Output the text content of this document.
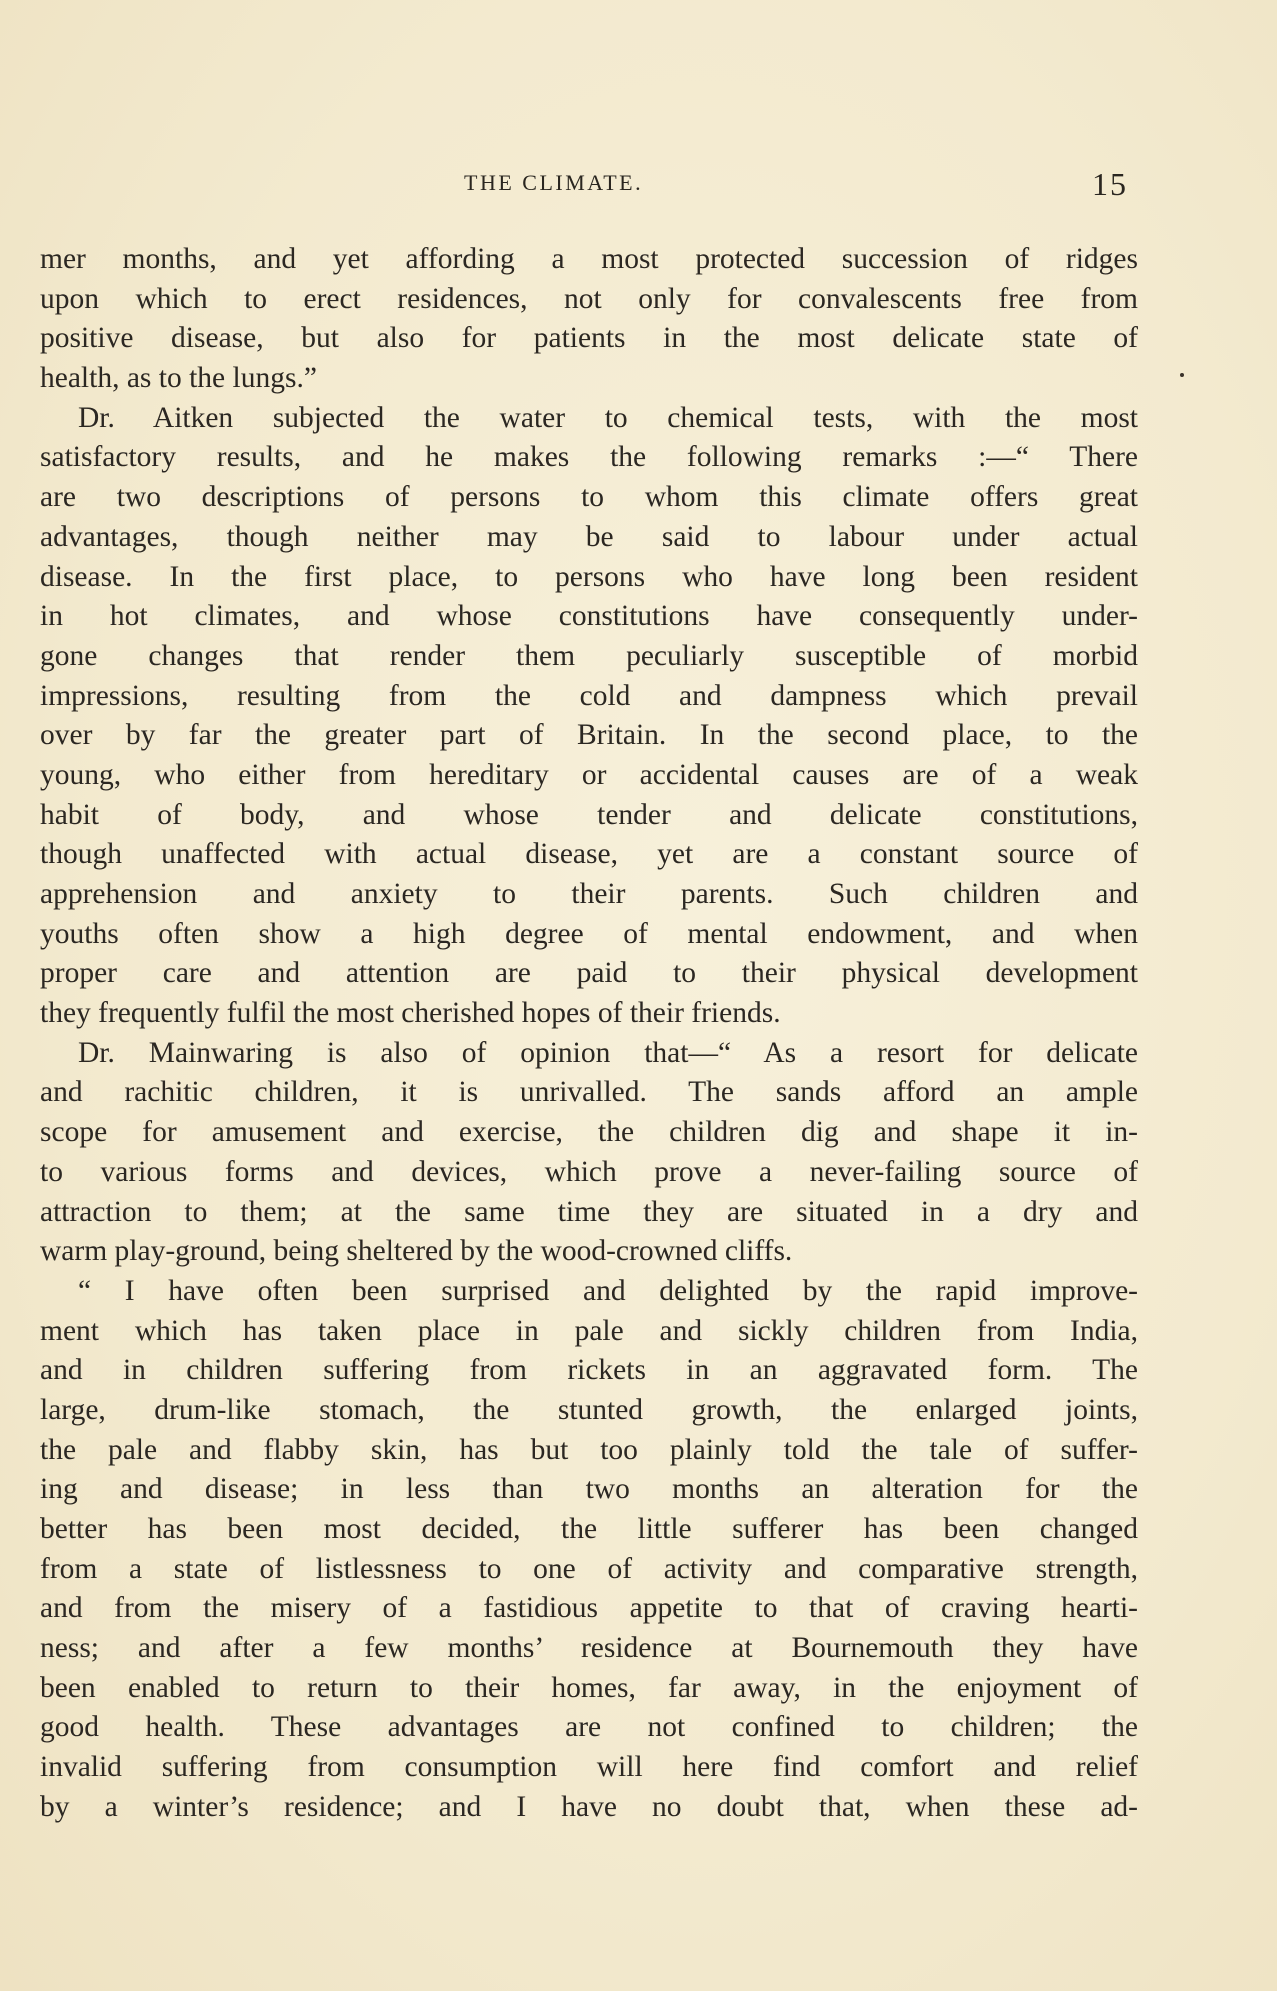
THE CLIMATE.	15
mer months, and yet affording a most protected succession of ridges
upon which to erect residences, not only for convalescents free from
positive disease, but also for patients in the most delicate state of
health, as to the lungs.”
Dr. Aitken subjected the water to chemical tests, with the most
satisfactory results, and he makes the following remarks :—“ There
are two descriptions of persons to whom this climate offers great
advantages, though neither may be said to labour under actual
disease. In the first place, to persons who have long been resident
in hot climates, and whose constitutions have consequently under-
gone changes that render them peculiarly susceptible of morbid
impressions, resulting from the cold and dampness which prevail
over by far the greater part of Britain. In the second place, to the
young, who either from hereditary or accidental causes are of a weak
habit of body, and whose tender and delicate constitutions,
though unaffected with actual disease, yet are a constant source of
apprehension and anxiety to their parents. Such children and
youths often show a high degree of mental endowment, and when
proper care and attention are paid to their physical development
they frequently fulfil the most cherished hopes of their friends.
Dr. Mainwaring is also of opinion that—“ As a resort for delicate
and rachitic children, it is unrivalled. The sands afford an ample
scope for amusement and exercise, the children dig and shape it in-
to various forms and devices, which prove a never-failing source of
attraction to them; at the same time they are situated in a dry and
warm play-ground, being sheltered by the wood-crowned cliffs.
“ I have often been surprised and delighted by the rapid improve-
ment which has taken place in pale and sickly children from India,
and in children suffering from rickets in an aggravated form. The
large, drum-like stomach, the stunted growth, the enlarged joints,
the pale and flabby skin, has but too plainly told the tale of suffer-
ing and disease; in less than two months an alteration for the
better has been most decided, the little sufferer has been changed
from a state of listlessness to one of activity and comparative strength,
and from the misery of a fastidious appetite to that of craving hearti-
ness; and after a few months’ residence at Bournemouth they have
been enabled to return to their homes, far away, in the enjoyment of
good health. These advantages are not confined to children; the
invalid suffering from consumption will here find comfort and relief
by a winter’s residence; and I have no doubt that, when these ad-
